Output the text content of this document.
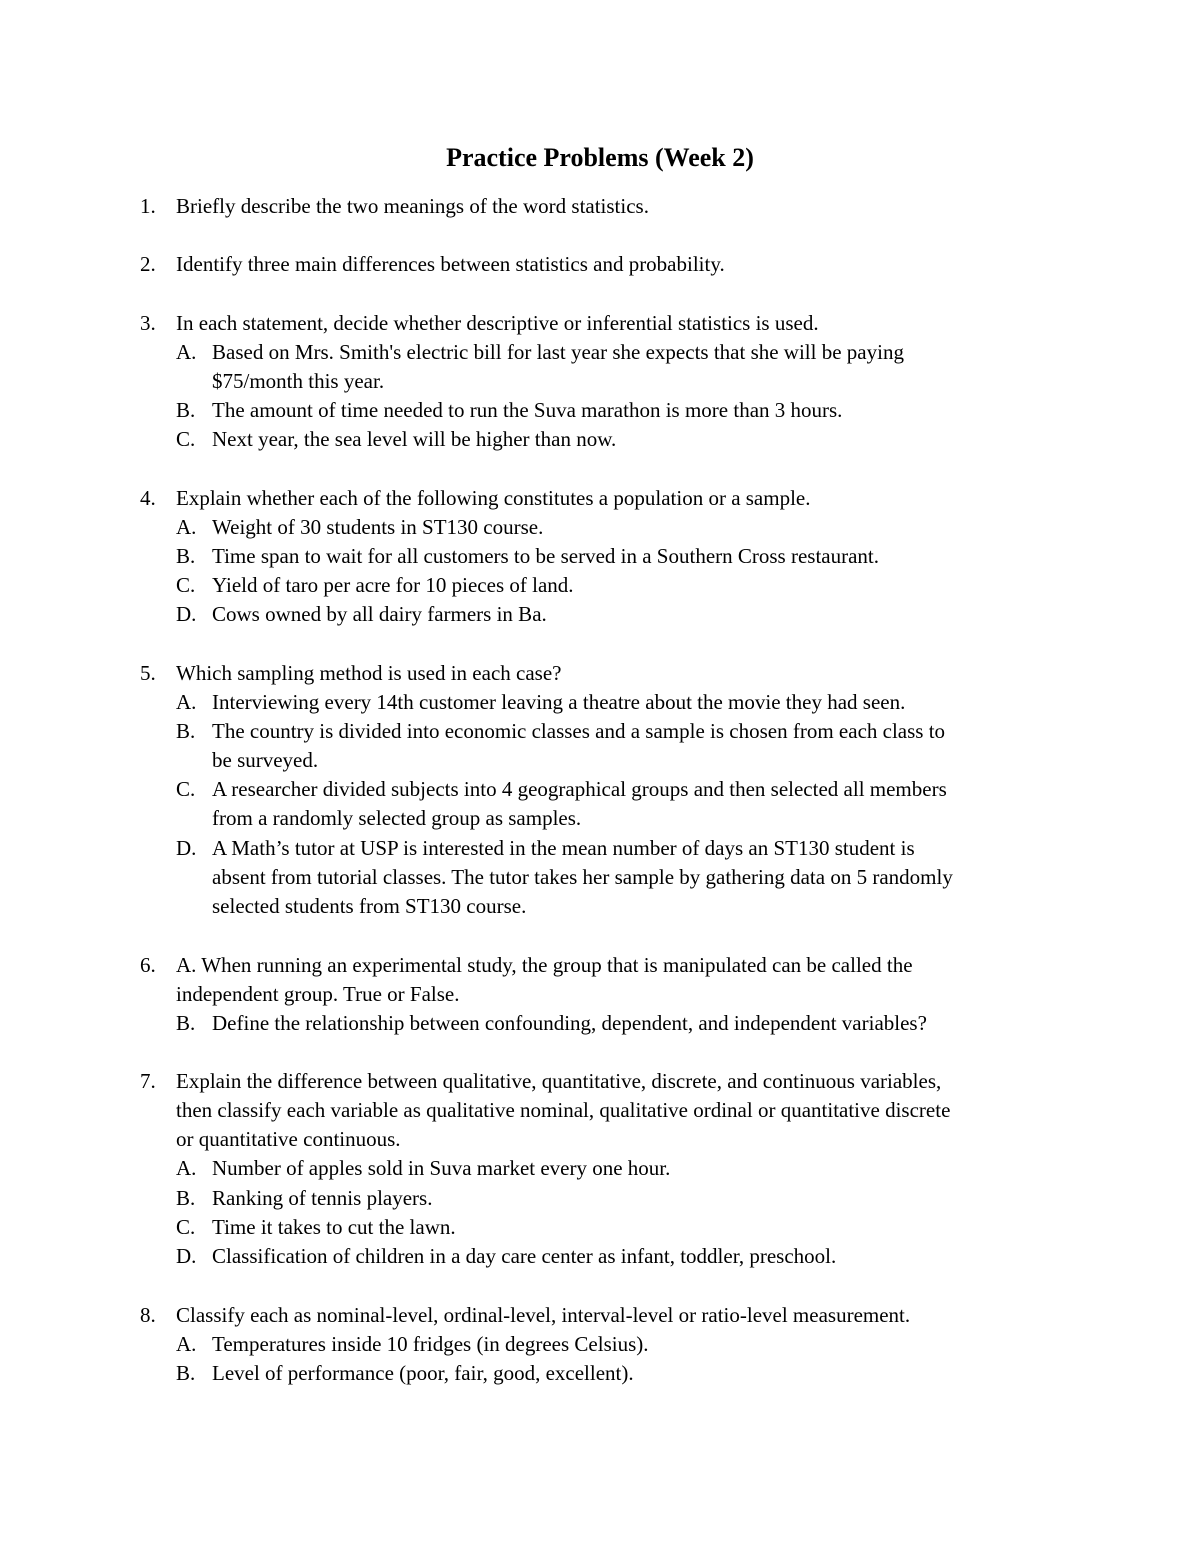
Practice Problems (Week 2)
1. Briefly describe the two meanings of the word statistics.
2. Identify three main differences between statistics and probability.
3. In each statement, decide whether descriptive or inferential statistics is used.
A. Based on Mrs. Smith's electric bill for last year she expects that she will be paying
$75/month this year.
B. The amount of time needed to run the Suva marathon is more than 3 hours.
C. Next year, the sea level will be higher than now.
4. Explain whether each of the following constitutes a population or a sample.
A. Weight of 30 students in ST130 course.
B. Time span to wait for all customers to be served in a Southern Cross restaurant.
C. Yield of taro per acre for 10 pieces of land.
D. Cows owned by all dairy farmers in Ba.
5. Which sampling method is used in each case?
A. Interviewing every 14th customer leaving a theatre about the movie they had seen.
B. The country is divided into economic classes and a sample is chosen from each class to
be surveyed.
C. A researcher divided subjects into 4 geographical groups and then selected all members
from a randomly selected group as samples.
D. A Math’s tutor at USP is interested in the mean number of days an ST130 student is
absent from tutorial classes. The tutor takes her sample by gathering data on 5 randomly
selected students from ST130 course.
6. A. When running an experimental study, the group that is manipulated can be called the
independent group. True or False.
B. Define the relationship between confounding, dependent, and independent variables?
7. Explain the difference between qualitative, quantitative, discrete, and continuous variables,
then classify each variable as qualitative nominal, qualitative ordinal or quantitative discrete
or quantitative continuous.
A. Number of apples sold in Suva market every one hour.
B. Ranking of tennis players.
C. Time it takes to cut the lawn.
D. Classification of children in a day care center as infant, toddler, preschool.
8. Classify each as nominal-level, ordinal-level, interval-level or ratio-level measurement.
A. Temperatures inside 10 fridges (in degrees Celsius).
B. Level of performance (poor, fair, good, excellent).
